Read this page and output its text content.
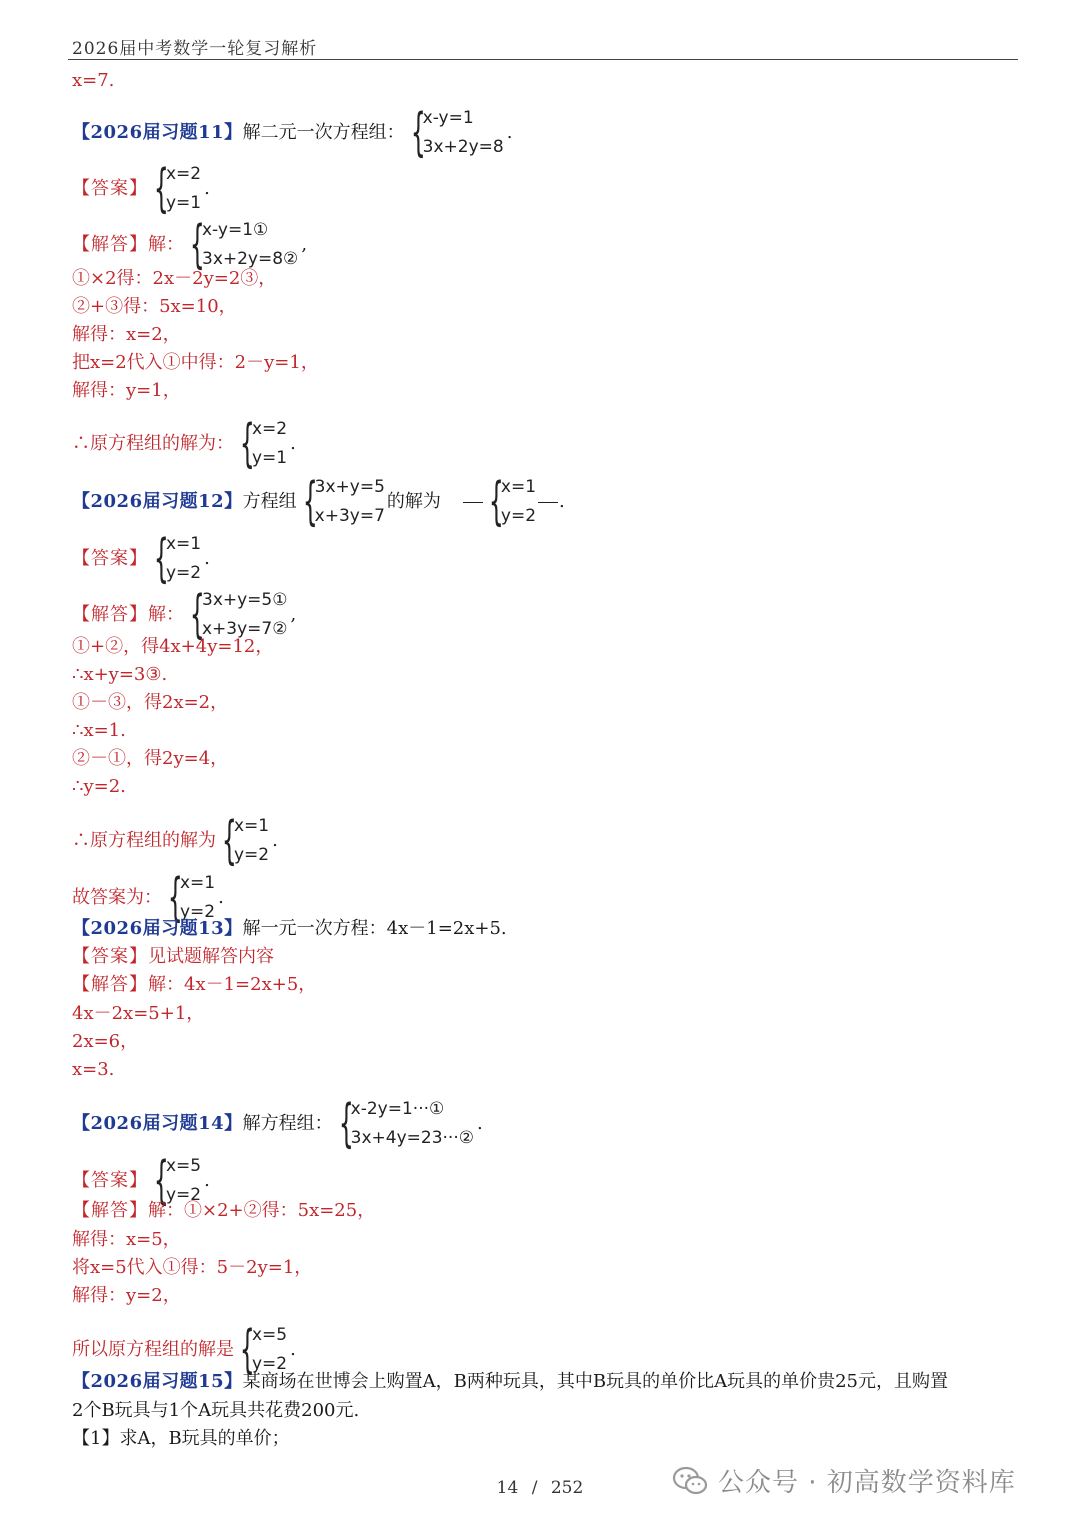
2026届中考数学一轮复习解析
x=7.
【2026届习题11】 解二元一次方程组： {
x-y=1
3x+2y=8
.
【答案】 {
x=2
y=1
.
【解答】 解： {
x-y=1①
3x+2y=8②
,
①×2得：2x－2y=2③，
②+③得：5x=10，
解得：x=2，
把x=2代入①中得：2－y=1，
解得：y=1，
∴原方程组的解为： {
x=2
y=1
.
【2026届习题12】 方程组 {
3x+y=5
x+3y=7
的解为 {
x=1
y=2
.
【答案】 {
x=1
y=2
.
【解答】 解： {
3x+y=5①
x+3y=7②
,
①+②，得4x+4y=12，
∴x+y=3③.
①－③，得2x=2，
∴x=1.
②－①，得2y=4，
∴y=2.
∴原方程组的解为 {
x=1
y=2
.
故答案为： {
x=1
y=2
.
【2026届习题13】 解一元一次方程：4x－1=2x+5.
【答案】 见试题解答内容
【解答】 解：4x－1=2x+5，
4x－2x=5+1，
2x=6，
x=3.
【2026届习题14】 解方程组： {
x-2y=1···①
3x+4y=23···②
.
【答案】 {
x=5
y=2
.
【解答】 解：①×2+②得：5x=25，
解得：x=5，
将x=5代入①得：5－2y=1，
解得：y=2，
所以原方程组的解是 {
x=5
y=2
.
【2026届习题15】 某商场在世博会上购置A，B两种玩具，其中B玩具的单价比A玩具的单价贵25元，且购置
2个B玩具与1个A玩具共花费200元.
【1】求A，B玩具的单价；
14 / 252	公众号 · 初高数学资料库
